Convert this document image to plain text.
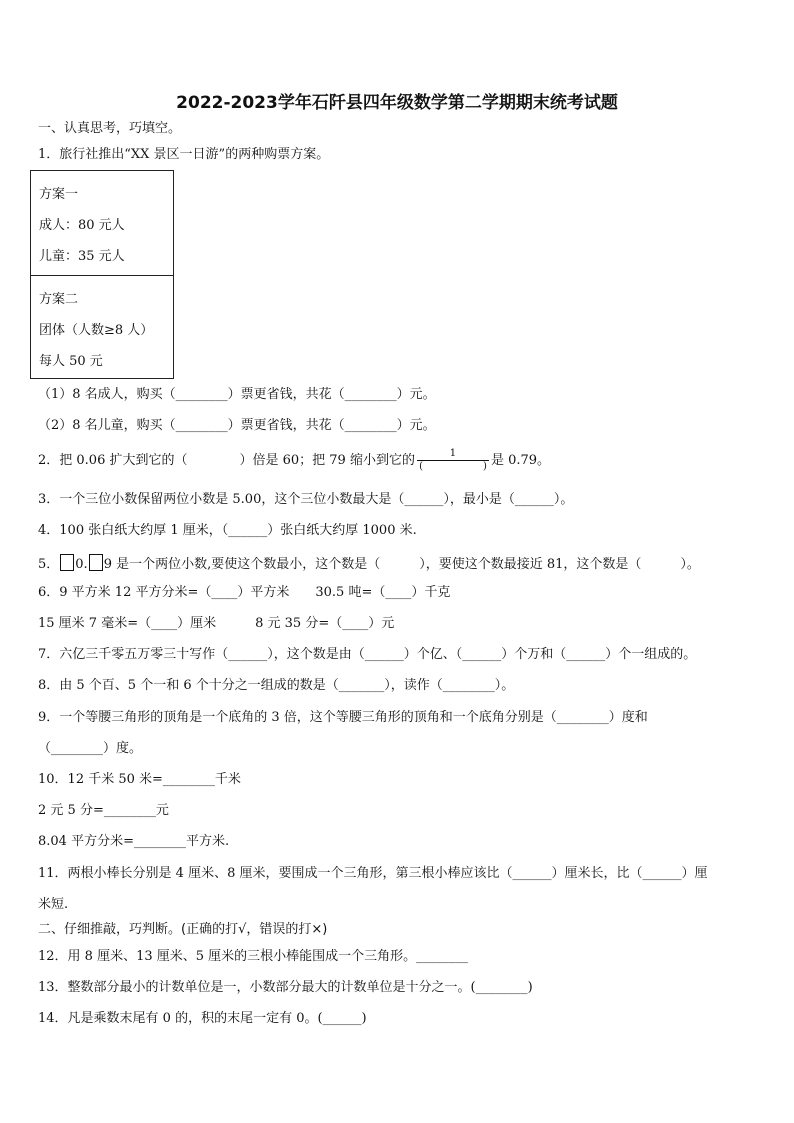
2022-2023学年石阡县四年级数学第二学期期末统考试题
一、认真思考，巧填空。
1．旅行社推出“XX 景区一日游”的两种购票方案。
方案一
成人：80 元人
儿童：35 元人
方案二
团体（人数≥8 人）
每人 50 元
（1）8 名成人，购买（________）票更省钱，共花（________）元。
（2）8 名儿童，购买（________）票更省钱，共花（________）元。
2．把 0.06 扩大到它的（　　　　）倍是 60；把 79 缩小到它的 $\frac{1}{( )}$ 是 0.79。
3．一个三位小数保留两位小数是 5.00，这个三位小数最大是（______），最小是（______）。
4．100 张白纸大约厚 1 厘米，（______）张白纸大约厚 1000 米.
5． 0. 9 是一个两位小数,要使这个数最小，这个数是（　　　），要使这个数最接近 81，这个数是（　　　）。
6．9 平方米 12 平方分米=（____）平方米　　30.5 吨=（____）千克
15 厘米 7 毫米=（____）厘米　　　8 元 35 分=（____）元
7．六亿三千零五万零三十写作（______），这个数是由（______）个亿、（______）个万和（______）个一组成的。
8．由 5 个百、5 个一和 6 个十分之一组成的数是（_______），读作（________）。
9．一个等腰三角形的顶角是一个底角的 3 倍，这个等腰三角形的顶角和一个底角分别是（________）度和
（________）度。
10．12 千米 50 米=________千米
2 元 5 分=________元
8.04 平方分米=________平方米.
11．两根小棒长分别是 4 厘米、8 厘米，要围成一个三角形，第三根小棒应该比（______）厘米长，比（______）厘
米短.
二、仔细推敲，巧判断。(正确的打√，错误的打×)
12．用 8 厘米、13 厘米、5 厘米的三根小棒能围成一个三角形。________
13．整数部分最小的计数单位是一，小数部分最大的计数单位是十分之一。(________)
14．凡是乘数末尾有 0 的，积的末尾一定有 0。(______)
